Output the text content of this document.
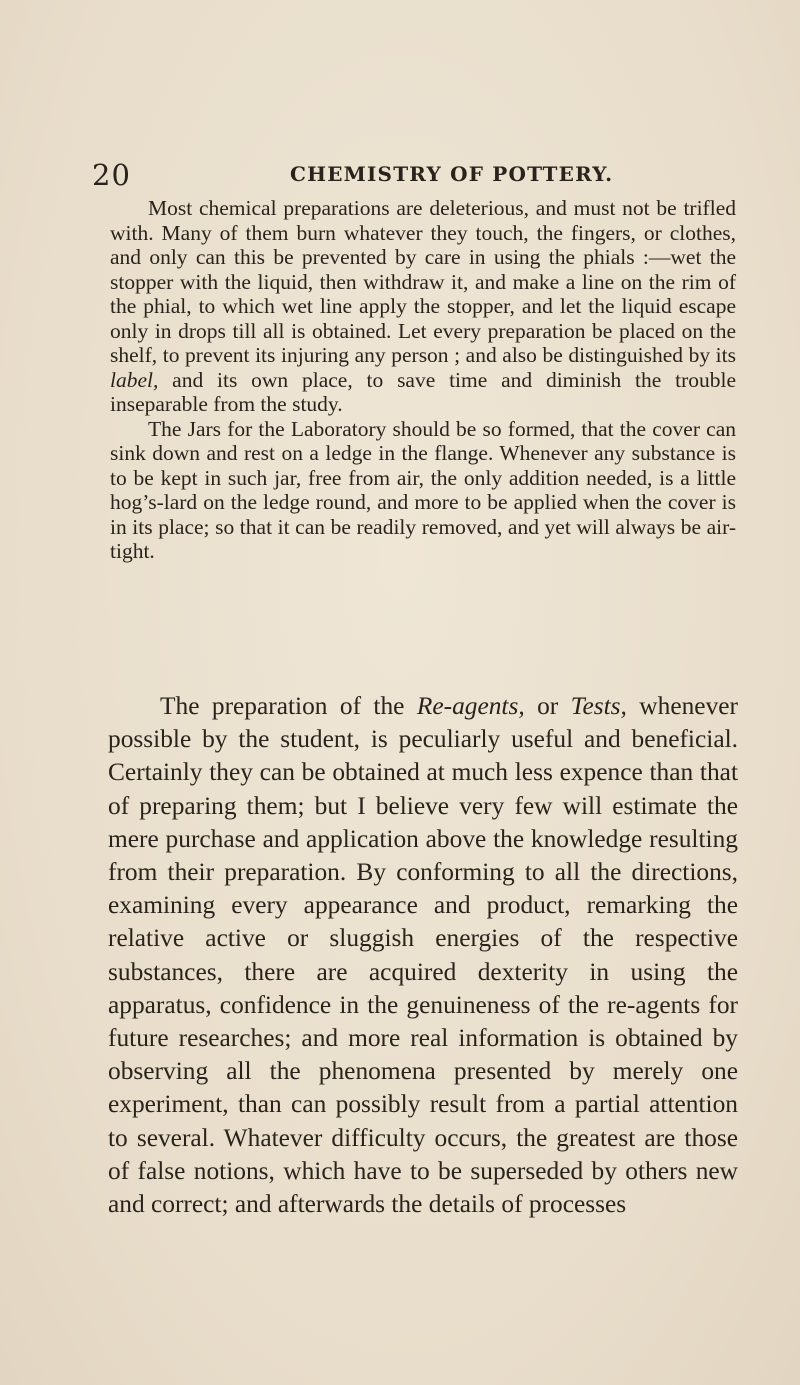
20	CHEMISTRY OF POTTERY.

Most chemical preparations are deleterious, and must not be trifled with. Many of them burn whatever they touch, the fingers, or clothes, and only can this be prevented by care in using the phials :—wet the stopper with the liquid, then withdraw it, and make a line on the rim of the phial, to which wet line apply the stopper, and let the liquid escape only in drops till all is obtained. Let every preparation be placed on the shelf, to prevent its injuring any person ; and also be distinguished by its label, and its own place, to save time and diminish the trouble inseparable from the study.

The Jars for the Laboratory should be so formed, that the cover can sink down and rest on a ledge in the flange. Whenever any substance is to be kept in such jar, free from air, the only addition needed, is a little hog’s-lard on the ledge round, and more to be applied when the cover is in its place; so that it can be readily removed, and yet will always be air-tight.

The preparation of the Re-agents, or Tests, whenever possible by the student, is peculiarly useful and beneficial. Certainly they can be obtained at much less expence than that of preparing them; but I believe very few will estimate the mere purchase and application above the knowledge resulting from their preparation. By conforming to all the directions, examining every appearance and product, remarking the relative active or sluggish energies of the respective substances, there are acquired dexterity in using the apparatus, confidence in the genuineness of the re-agents for future researches; and more real information is obtained by observing all the phenomena presented by merely one experiment, than can possibly result from a partial attention to several. Whatever difficulty occurs, the greatest are those of false notions, which have to be superseded by others new and correct; and afterwards the details of processes
